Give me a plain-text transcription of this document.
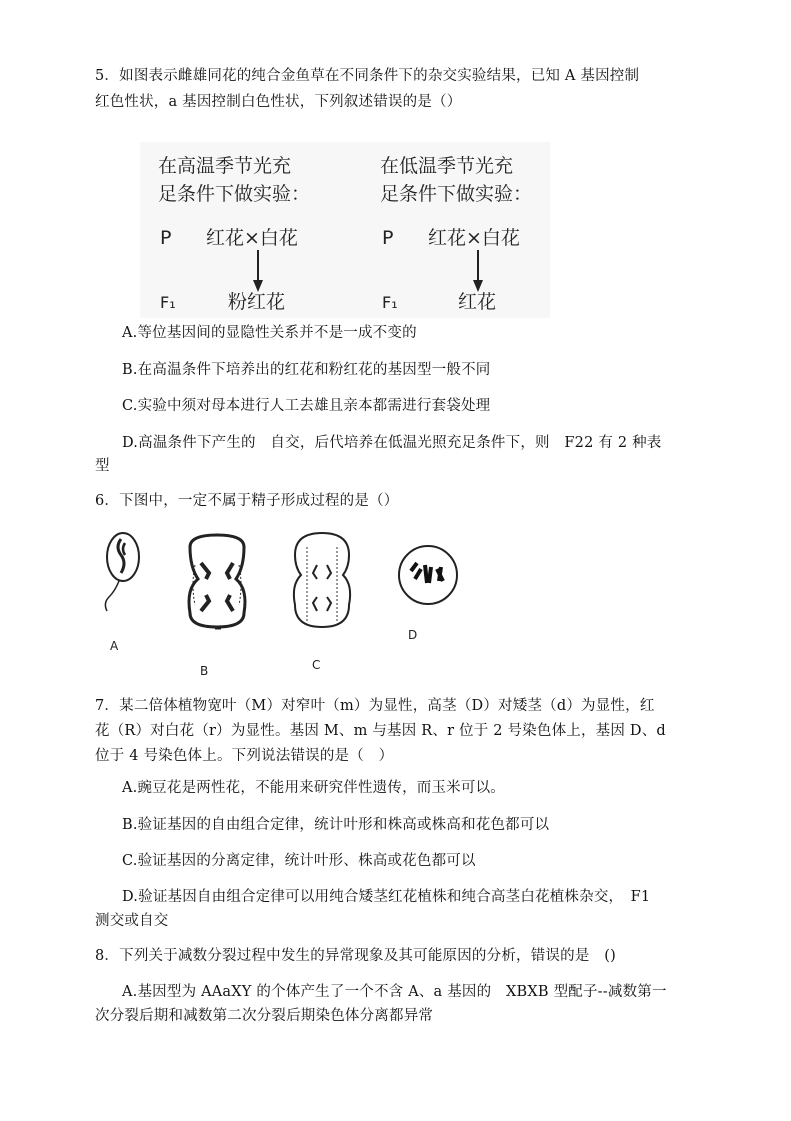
5．如图表示雌雄同花的纯合金鱼草在不同条件下的杂交实验结果，已知 A 基因控制
红色性状，a 基因控制白色性状，下列叙述错误的是（）
在高温季节光充
足条件下做实验：
P 红花×白花
F₁	粉红花
在低温季节光充
足条件下做实验：
P 红花×白花
F₁	红花
A.等位基因间的显隐性关系并不是一成不变的
B.在高温条件下培养出的红花和粉红花的基因型一般不同
C.实验中须对母本进行人工去雄且亲本都需进行套袋处理
D.高温条件下产生的　自交，后代培养在低温光照充足条件下，则　F22 有 2 种表
型
6．下图中，一定不属于精子形成过程的是（）
A
B	C
D
7．某二倍体植物宽叶（M）对窄叶（m）为显性，高茎（D）对矮茎（d）为显性，红
花（R）对白花（r）为显性。基因 M、m 与基因 R、r 位于 2 号染色体上，基因 D、d
位于 4 号染色体上。下列说法错误的是（　）
A.豌豆花是两性花，不能用来研究伴性遗传，而玉米可以。
B.验证基因的自由组合定律，统计叶形和株高或株高和花色都可以
C.验证基因的分离定律，统计叶形、株高或花色都可以
D.验证基因自由组合定律可以用纯合矮茎红花植株和纯合高茎白花植株杂交，　F1
测交或自交
8．下列关于减数分裂过程中发生的异常现象及其可能原因的分析，错误的是　()
A.基因型为 AAaXY 的个体产生了一个不含 A、a 基因的　XBXB 型配子--减数第一
次分裂后期和减数第二次分裂后期染色体分离都异常
